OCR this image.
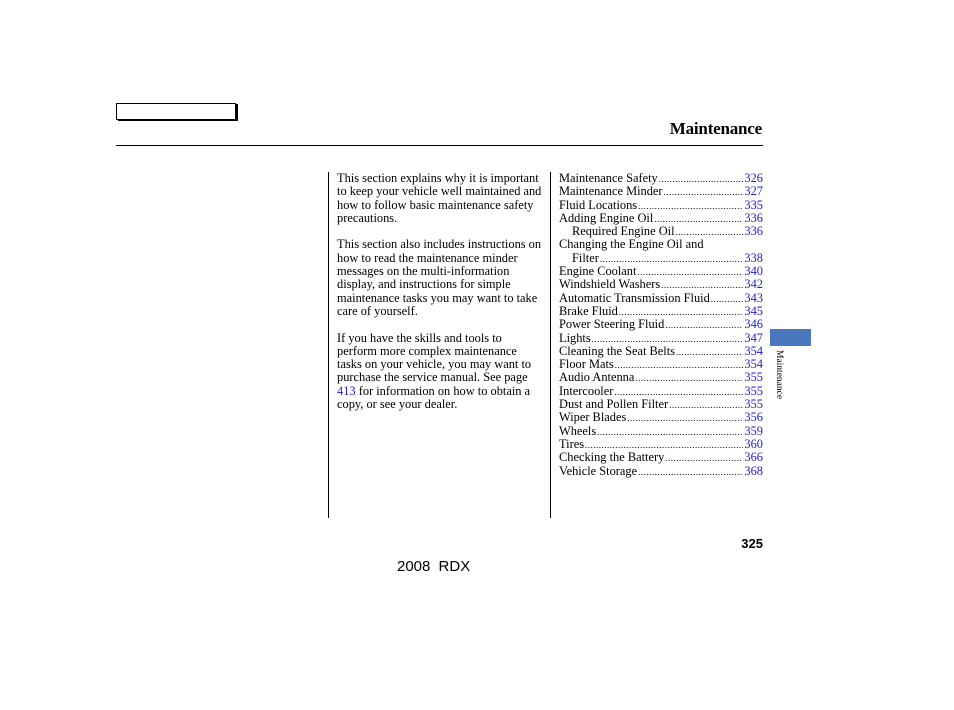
Maintenance

This section explains why it is important to keep your vehicle well maintained and how to follow basic maintenance safety precautions.

This section also includes instructions on how to read the maintenance minder messages on the multi-information display, and instructions for simple maintenance tasks you may want to take care of yourself.

If you have the skills and tools to perform more complex maintenance tasks on your vehicle, you may want to purchase the service manual. See page 413 for information on how to obtain a copy, or see your dealer.

Maintenance Safety .....	326
Maintenance Minder .....	327
Fluid Locations .....	335
Adding Engine Oil .....	336
Required Engine Oil .....	336
Changing the Engine Oil and
Filter .....	338
Engine Coolant .....	340
Windshield Washers .....	342
Automatic Transmission Fluid .....	343
Brake Fluid .....	345
Power Steering Fluid .....	346
Lights .....	347
Cleaning the Seat Belts .....	354
Floor Mats .....	354
Audio Antenna .....	355
Intercooler .....	355
Dust and Pollen Filter .....	355
Wiper Blades .....	356
Wheels .....	359
Tires .....	360
Checking the Battery .....	366
Vehicle Storage .....	368
Maintenance
325
2008 RDX
